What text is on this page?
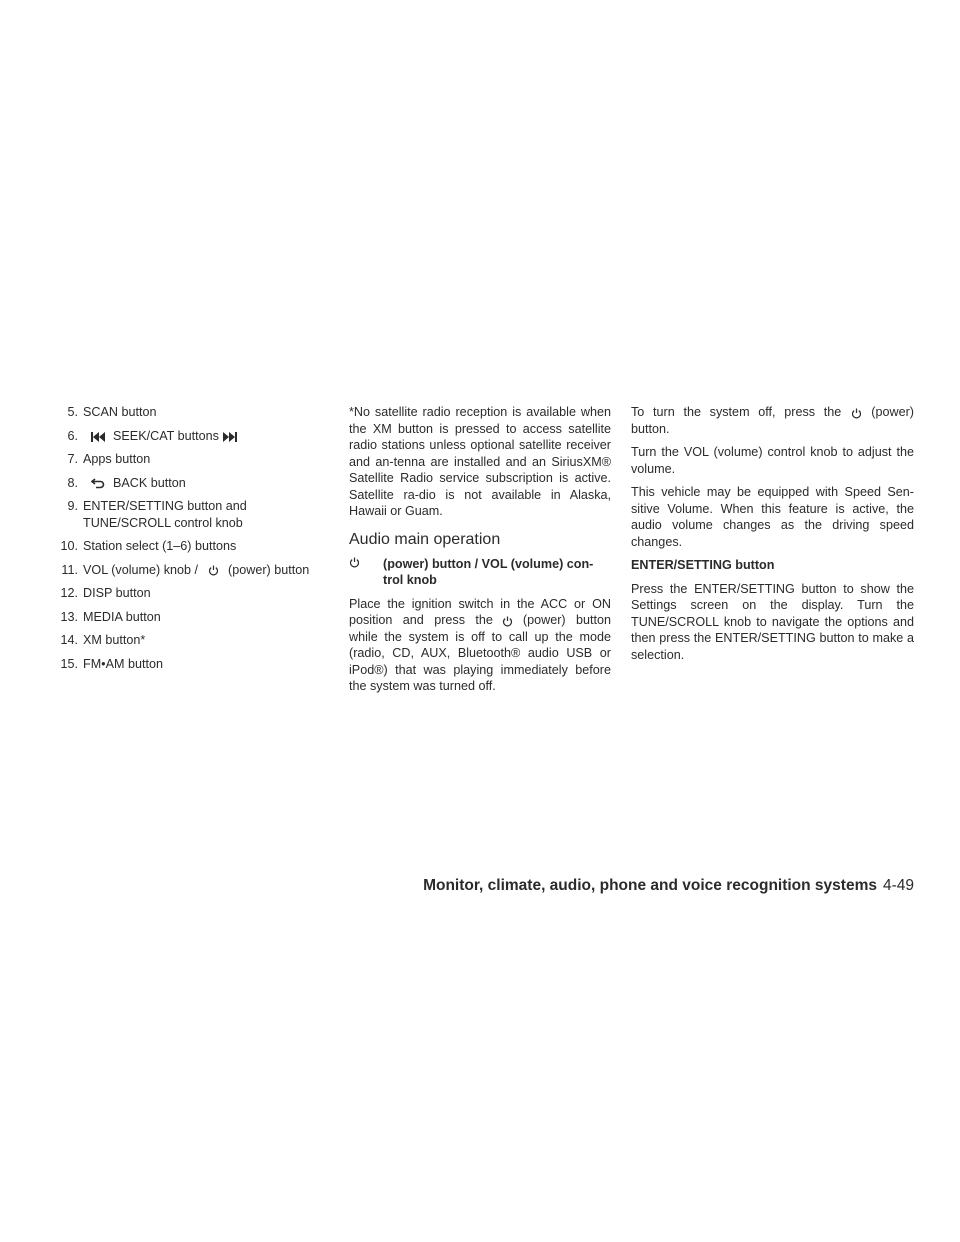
5. SCAN button
6.	SEEK/CAT buttons
7. Apps button
8.	BACK button
9. ENTER/SETTING button and
TUNE/SCROLL control knob
10. Station select (1–6) buttons
11. VOL (volume) knob / (power) button
12. DISP button
13. MEDIA button
14. XM button*
15. FM•AM button

*No satellite radio reception is available when the XM button is pressed to access satellite radio stations unless optional satellite receiver and an-tenna are installed and an SiriusXM® Satellite Radio service subscription is active. Satellite ra-dio is not available in Alaska, Hawaii or Guam.

Audio main operation
(power) button / VOL (volume) con-
trol knob

Place the ignition switch in the ACC or ON position and press the (power) button while the system is off to call up the mode (radio, CD, AUX, Bluetooth® audio USB or iPod®) that was playing immediately before the system was turned off.

To turn the system off, press the (power) button.

Turn the VOL (volume) control knob to adjust the volume.

This vehicle may be equipped with Speed Sen-sitive Volume. When this feature is active, the audio volume changes as the driving speed changes.

ENTER/SETTING button

Press the ENTER/SETTING button to show the Settings screen on the display. Turn the TUNE/SCROLL knob to navigate the options and then press the ENTER/SETTING button to make a selection.

Monitor, climate, audio, phone and voice recognition systems 4-49
